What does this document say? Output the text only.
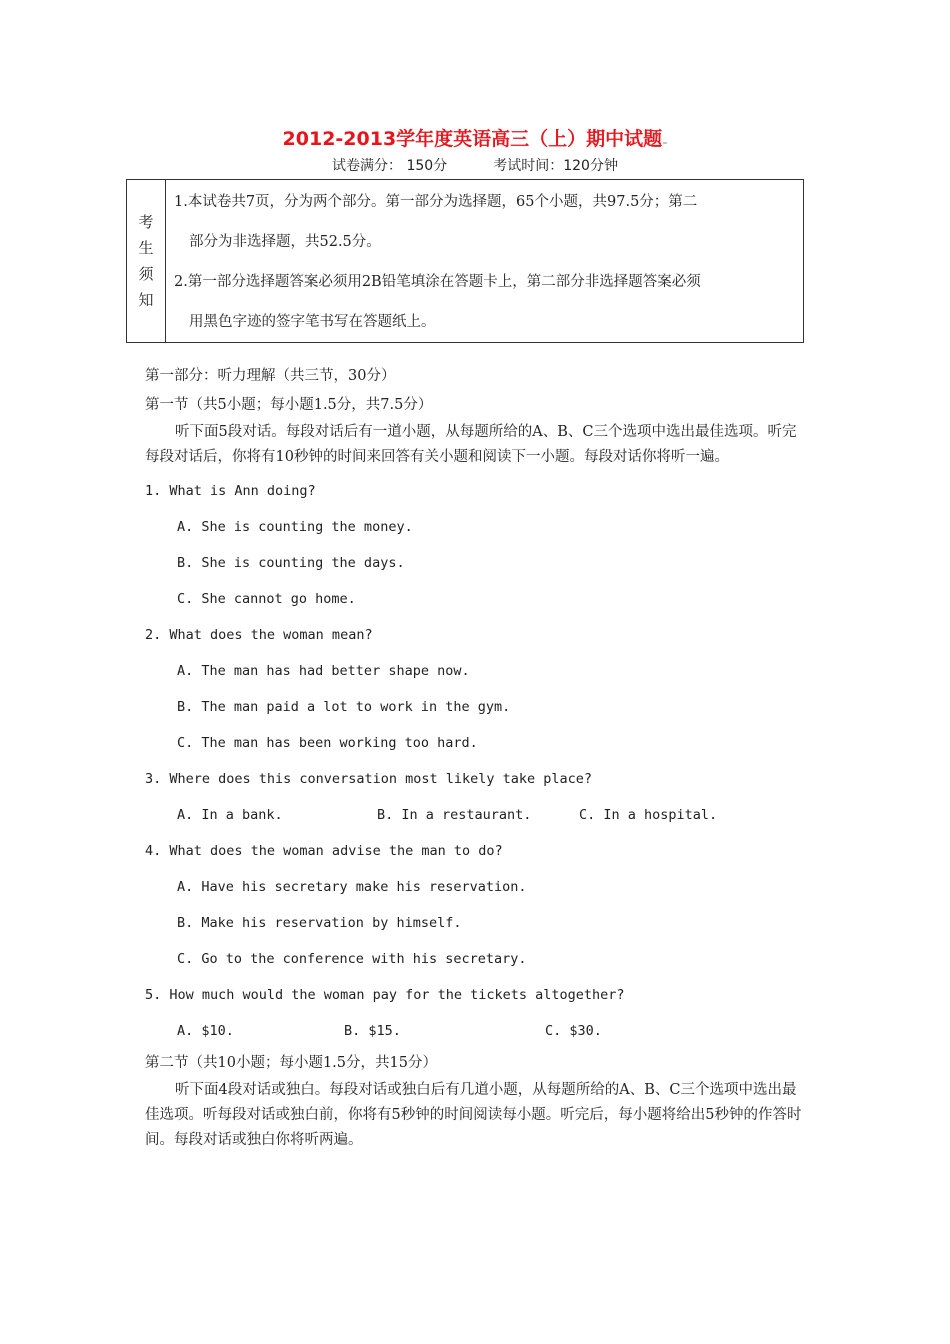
2012-2013学年度英语高三（上）期中试题₌
试卷满分： 150分	考试时间：120分钟
考
生
须
知

1.本试卷共7页，分为两个部分。第一部分为选择题，65个小题，共97.5分；第二

部分为非选择题，共52.5分。

2.第一部分选择题答案必须用2B铅笔填涂在答题卡上，第二部分非选择题答案必须

用黑色字迹的签字笔书写在答题纸上。

第一部分：听力理解（共三节，30分）

第一节（共5小题；每小题1.5分，共7.5分）

听下面5段对话。每段对话后有一道小题，从每题所给的A、B、C三个选项中选出最佳选项。听完每段对话后，你将有10秒钟的时间来回答有关小题和阅读下一小题。每段对话你将听一遍。

1. What is Ann doing?

A. She is counting the money.

B. She is counting the days.

C. She cannot go home.

2. What does the woman mean?

A. The man has had better shape now.

B. The man paid a lot to work in the gym.

C. The man has been working too hard.

3. Where does this conversation most likely take place?

A. In a bank.	B. In a restaurant.	C. In a hospital.

4. What does the woman advise the man to do?

A. Have his secretary make his reservation.

B. Make his reservation by himself.

C. Go to the conference with his secretary.

5. How much would the woman pay for the tickets altogether?

A. $10.	B. $15.	C. $30.

第二节（共10小题；每小题1.5分，共15分）

听下面4段对话或独白。每段对话或独白后有几道小题，从每题所给的A、B、C三个选项中选出最佳选项。听每段对话或独白前，你将有5秒钟的时间阅读每小题。听完后，每小题将给出5秒钟的作答时间。每段对话或独白你将听两遍。
